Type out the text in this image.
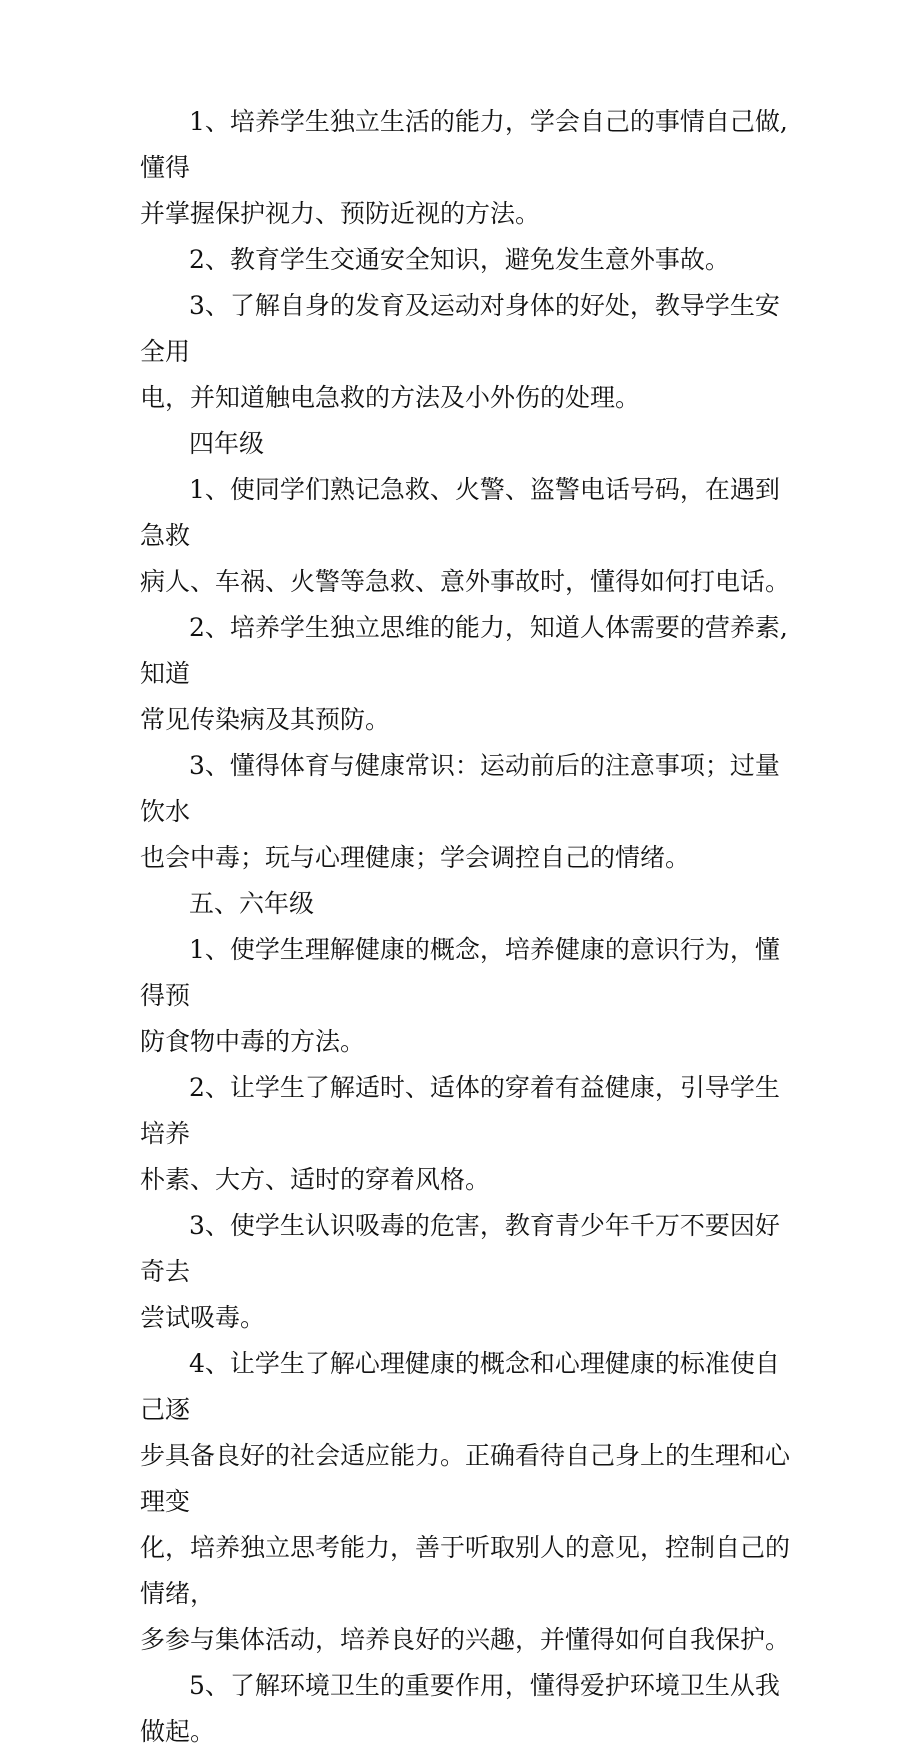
1、培养学生独立生活的能力，学会自己的事情自己做,懂得
并掌握保护视力、预防近视的方法。

2、教育学生交通安全知识，避免发生意外事故。

3、了解自身的发育及运动对身体的好处，教导学生安全用
电，并知道触电急救的方法及小外伤的处理。

四年级

1、使同学们熟记急救、火警、盗警电话号码，在遇到急救
病人、车祸、火警等急救、意外事故时，懂得如何打电话。

2、培养学生独立思维的能力，知道人体需要的营养素,知道
常见传染病及其预防。

3、懂得体育与健康常识：运动前后的注意事项；过量饮水
也会中毒；玩与心理健康；学会调控自己的情绪。

五、六年级

1、使学生理解健康的概念，培养健康的意识行为，懂得预
防食物中毒的方法。

2、让学生了解适时、适体的穿着有益健康，引导学生培养
朴素、大方、适时的穿着风格。

3、使学生认识吸毒的危害，教育青少年千万不要因好奇去
尝试吸毒。

4、让学生了解心理健康的概念和心理健康的标准使自己逐
步具备良好的社会适应能力。正确看待自己身上的生理和心理变
化，培养独立思考能力，善于听取别人的意见，控制自己的情绪，
多参与集体活动，培养良好的兴趣，并懂得如何自我保护。

5、了解环境卫生的重要作用，懂得爱护环境卫生从我做起。
